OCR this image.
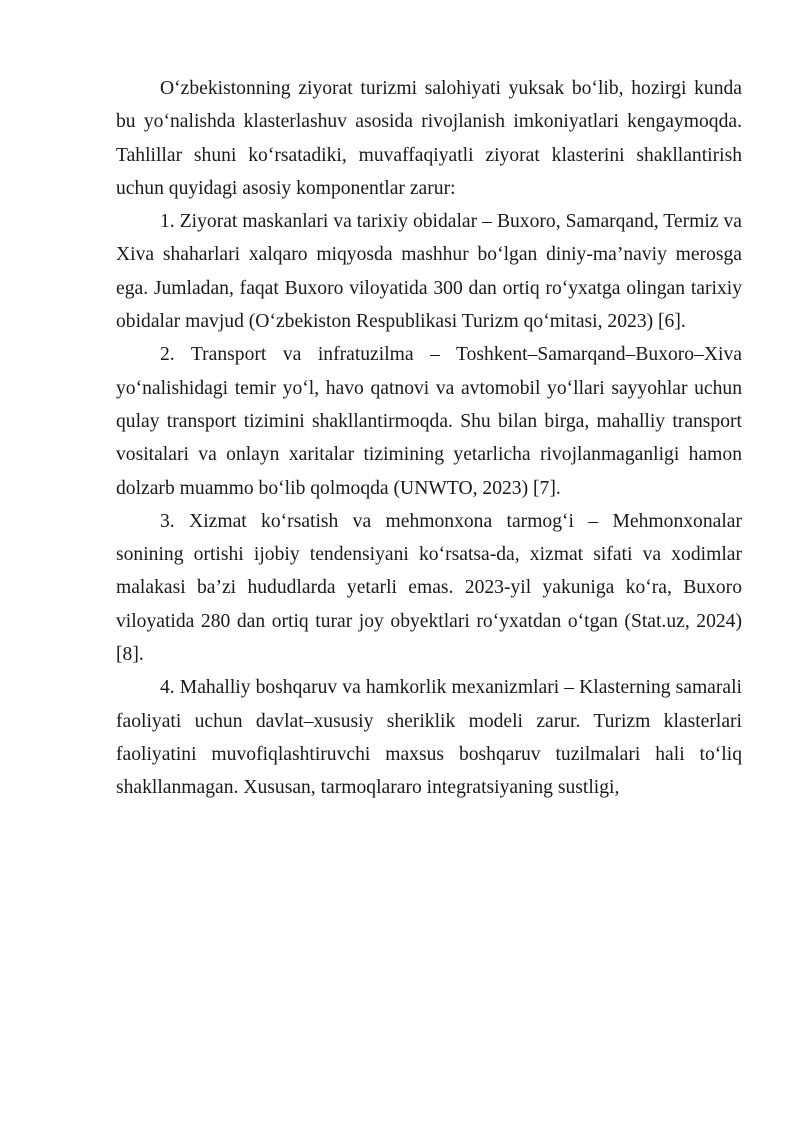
O‘zbekistonning ziyorat turizmi salohiyati yuksak bo‘lib, hozirgi kunda bu yo‘nalishda klasterlashuv asosida rivojlanish imkoniyatlari kengaymoqda. Tahlillar shuni ko‘rsatadiki, muvaffaqiyatli ziyorat klasterini shakllantirish uchun quyidagi asosiy komponentlar zarur:

1. Ziyorat maskanlari va tarixiy obidalar – Buxoro, Samarqand, Termiz va Xiva shaharlari xalqaro miqyosda mashhur bo‘lgan diniy-ma’naviy merosga ega. Jumladan, faqat Buxoro viloyatida 300 dan ortiq ro‘yxatga olingan tarixiy obidalar mavjud (O‘zbekiston Respublikasi Turizm qo‘mitasi, 2023) [6].

2. Transport va infratuzilma – Toshkent–Samarqand–Buxoro–Xiva yo‘nalishidagi temir yo‘l, havo qatnovi va avtomobil yo‘llari sayyohlar uchun qulay transport tizimini shakllantirmoqda. Shu bilan birga, mahalliy transport vositalari va onlayn xaritalar tizimining yetarlicha rivojlanmaganligi hamon dolzarb muammo bo‘lib qolmoqda (UNWTO, 2023) [7].

3. Xizmat ko‘rsatish va mehmonxona tarmog‘i – Mehmonxonalar sonining ortishi ijobiy tendensiyani ko‘rsatsa-da, xizmat sifati va xodimlar malakasi ba’zi hududlarda yetarli emas. 2023-yil yakuniga ko‘ra, Buxoro viloyatida 280 dan ortiq turar joy obyektlari ro‘yxatdan o‘tgan (Stat.uz, 2024) [8].

4. Mahalliy boshqaruv va hamkorlik mexanizmlari – Klasterning samarali faoliyati uchun davlat–xususiy sheriklik modeli zarur. Turizm klasterlari faoliyatini muvofiqlashtiruvchi maxsus boshqaruv tuzilmalari hali to‘liq shakllanmagan. Xususan, tarmoqlararo integratsiyaning sustligi,
